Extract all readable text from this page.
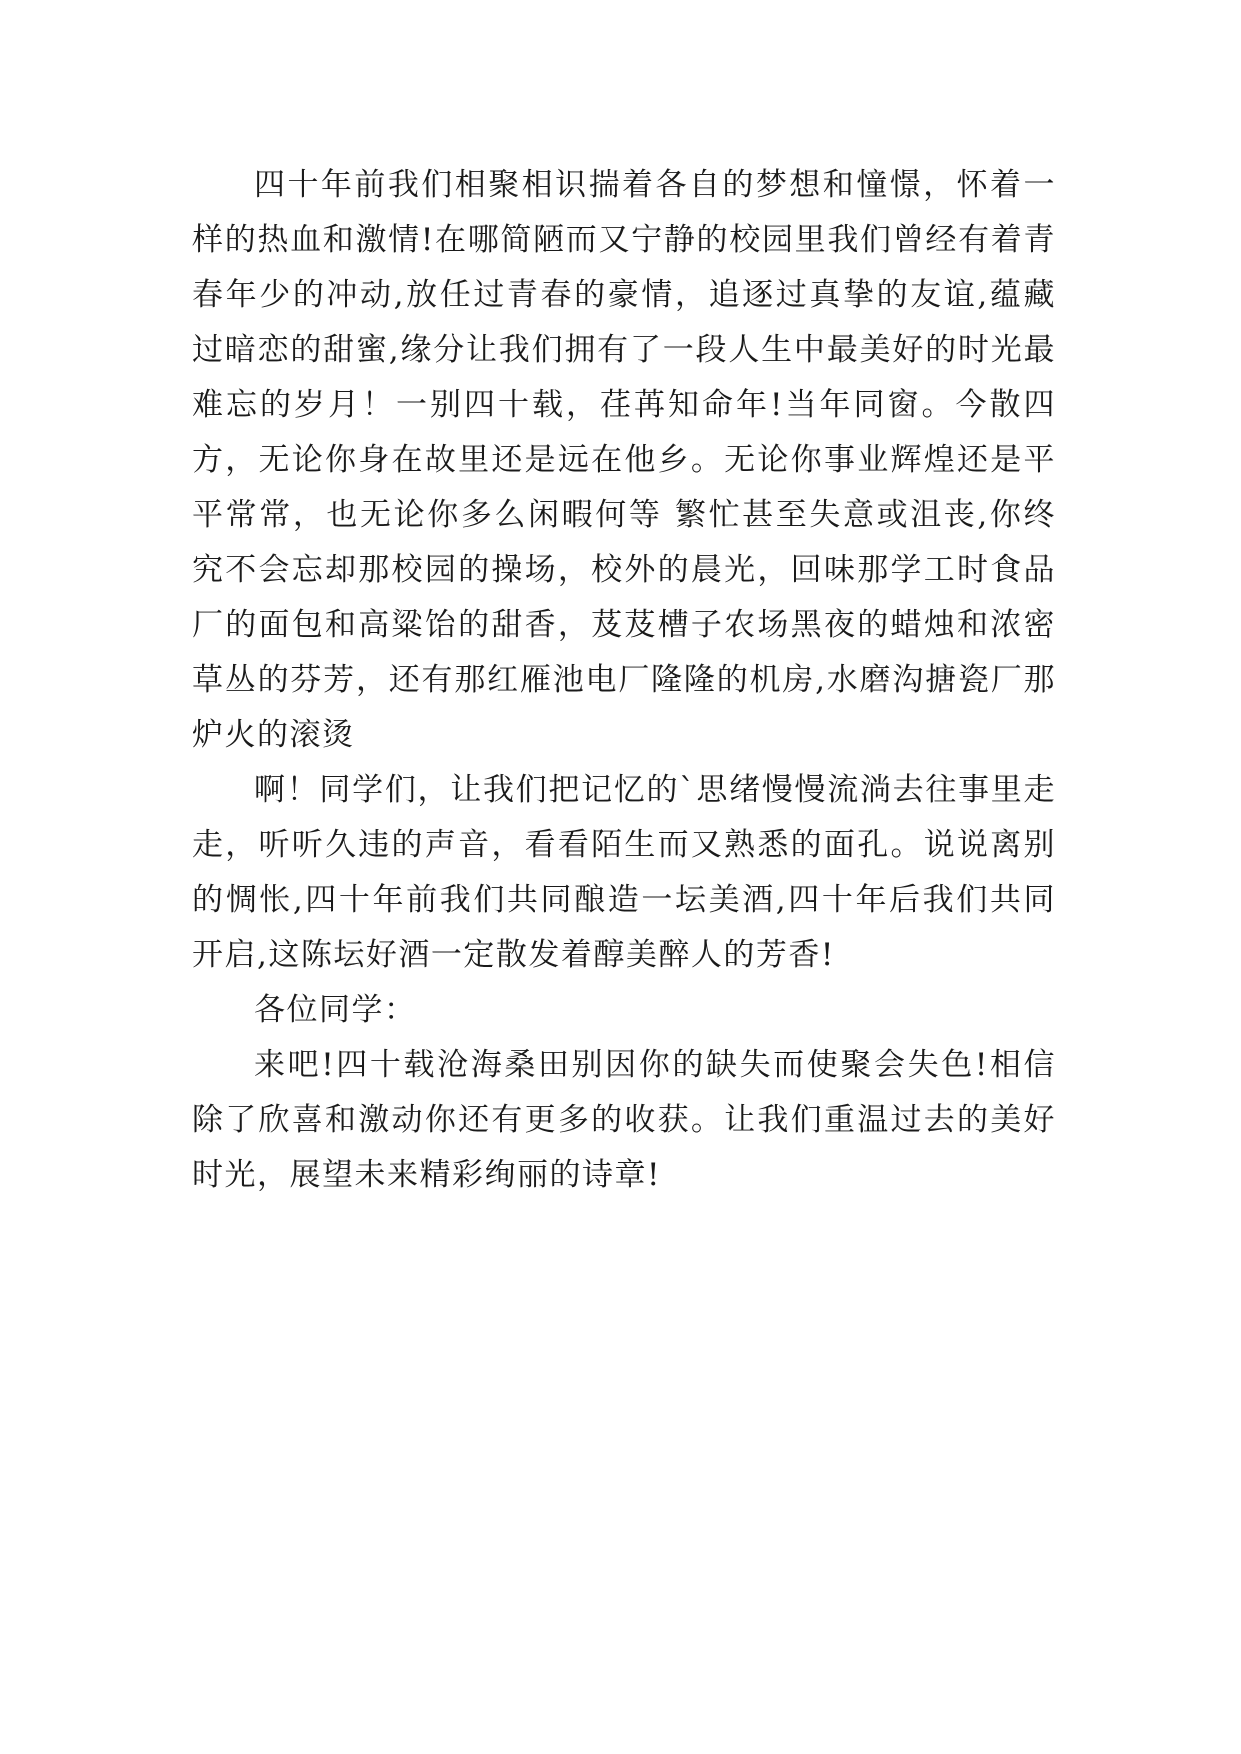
四十年前我们相聚相识揣着各自的梦想和憧憬，怀着一样的热血和激情!在哪简陋而又宁静的校园里我们曾经有着青春年少的冲动,放任过青春的豪情，追逐过真挚的友谊,蕴藏过暗恋的甜蜜,缘分让我们拥有了一段人生中最美好的时光最难忘的岁月！一别四十载，荏苒知命年!当年同窗。今散四方，无论你身在故里还是远在他乡。无论你事业辉煌还是平平常常，也无论你多么闲暇何等 繁忙甚至失意或沮丧,你终究不会忘却那校园的操场，校外的晨光，回味那学工时食品厂的面包和高粱饴的甜香，芨芨槽子农场黑夜的蜡烛和浓密草丛的芬芳，还有那红雁池电厂隆隆的机房,水磨沟搪瓷厂那炉火的滚烫

啊！同学们，让我们把记忆的`思绪慢慢流淌去往事里走走，听听久违的声音，看看陌生而又熟悉的面孔。说说离别的惆怅,四十年前我们共同酿造一坛美酒,四十年后我们共同开启,这陈坛好酒一定散发着醇美醉人的芳香!

各位同学：

来吧!四十载沧海桑田别因你的缺失而使聚会失色!相信除了欣喜和激动你还有更多的收获。让我们重温过去的美好时光，展望未来精彩绚丽的诗章!
